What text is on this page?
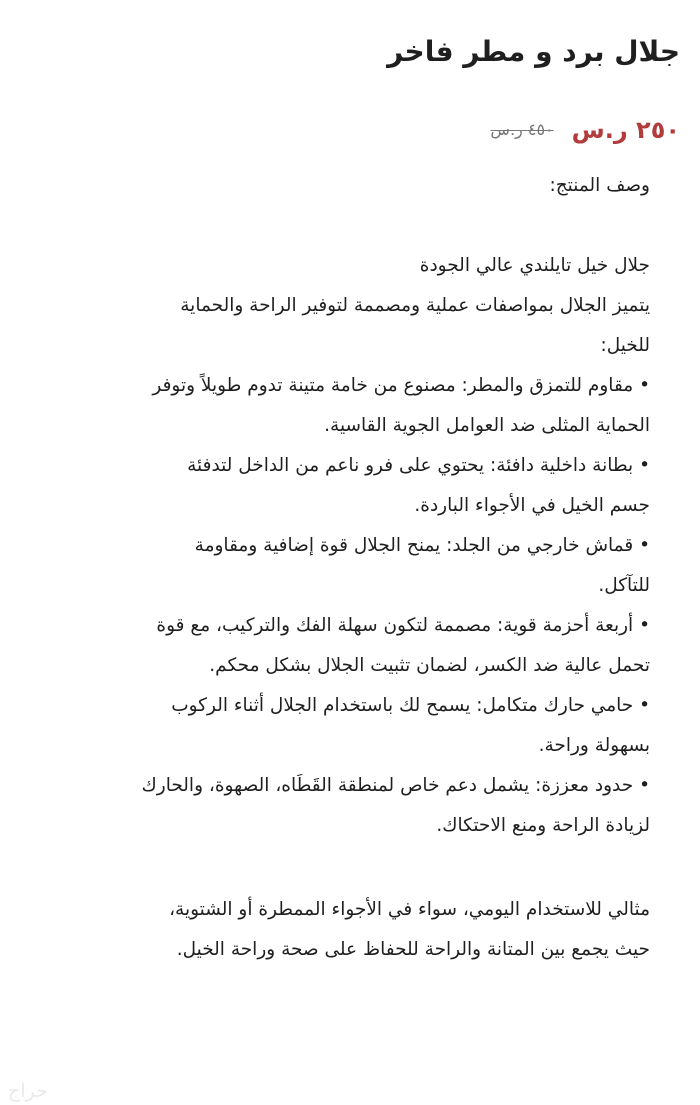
جلال برد و مطر فاخر
٢٥٠ ر.س
٤٥٠ ر.س
وصف المنتج:
جلال خيل تايلندي عالي الجودة
يتميز الجلال بمواصفات عملية ومصممة لتوفير الراحة والحماية
للخيل:
• مقاوم للتمزق والمطر: مصنوع من خامة متينة تدوم طويلاً وتوفر
الحماية المثلى ضد العوامل الجوية القاسية.
• بطانة داخلية دافئة: يحتوي على فرو ناعم من الداخل لتدفئة
جسم الخيل في الأجواء الباردة.
• قماش خارجي من الجلد: يمنح الجلال قوة إضافية ومقاومة
للتآكل.
• أربعة أحزمة قوية: مصممة لتكون سهلة الفك والتركيب، مع قوة
تحمل عالية ضد الكسر، لضمان تثبيت الجلال بشكل محكم.
• حامي حارك متكامل: يسمح لك باستخدام الجلال أثناء الركوب
بسهولة وراحة.
• حدود معززة: يشمل دعم خاص لمنطقة القَطَاه، الصهوة، والحارك
لزيادة الراحة ومنع الاحتكاك.
مثالي للاستخدام اليومي، سواء في الأجواء الممطرة أو الشتوية،
حيث يجمع بين المتانة والراحة للحفاظ على صحة وراحة الخيل.
حراج
